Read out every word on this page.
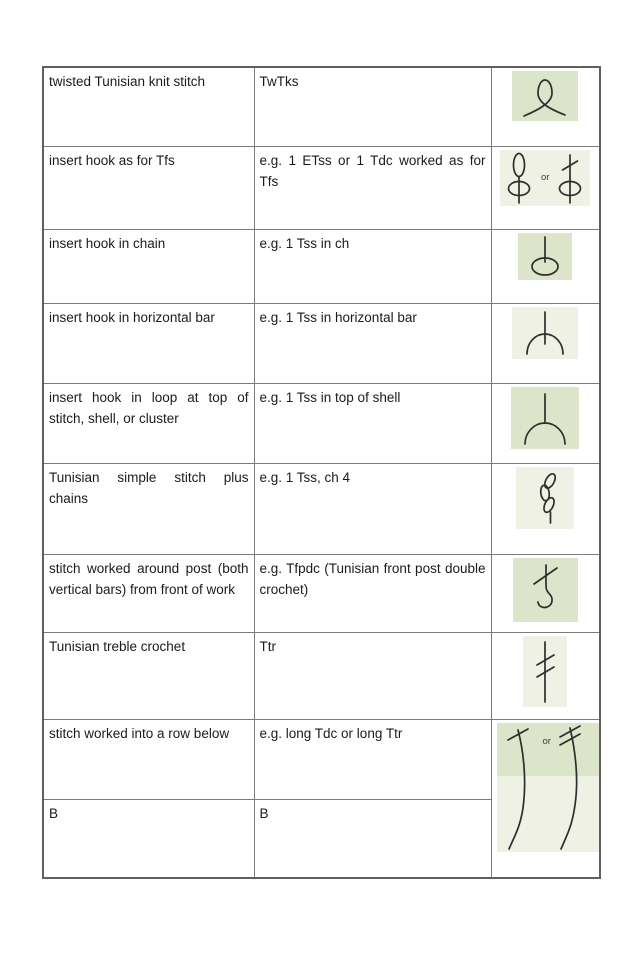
twisted Tunisian knit stitch	TwTks	

insert hook as for Tfs	e.g. 1 ETss or 1 Tdc worked as for Tfs	or

insert hook in chain	e.g. 1 Tss in ch	

insert hook in horizontal bar	e.g. 1 Tss in horizontal bar	

insert hook in loop at top of stitch, shell, or cluster	e.g. 1 Tss in top of shell	

Tunisian simple stitch plus chains	e.g. 1 Tss, ch 4	

stitch worked around post (both vertical bars) from front of work	e.g. Tfpdc (Tunisian front post double crochet)	

Tunisian treble crochet	Ttr	

stitch worked into a row below	e.g. long Tdc or long Ttr	or

B	B	
